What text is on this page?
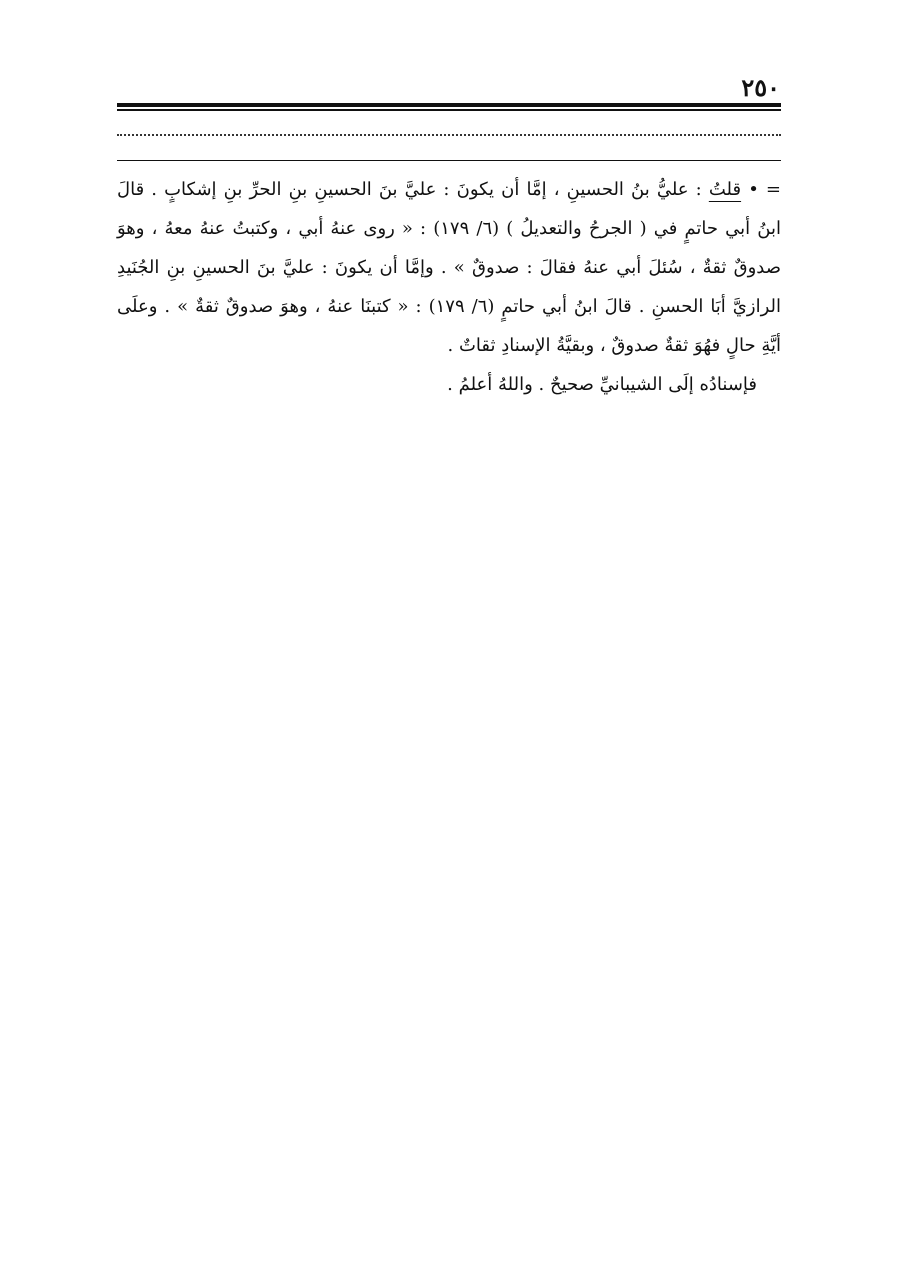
٢٥٠

= • قلتُ : عليُّ بنُ الحسينِ ، إمَّا أن يكونَ : عليَّ بنَ الحسينِ بنِ الحرِّ بنِ إشكابٍ . قالَ ابنُ أبي حاتمٍ في ( الجرحُ والتعديلُ ) (٦/ ١٧٩) : « روى عنهُ أبي ، وكتبتُ عنهُ معهُ ، وهوَ صدوقٌ ثقةٌ ، سُئلَ أبي عنهُ فقالَ : صدوقٌ » . وإمَّا أن يكونَ : عليَّ بنَ الحسينِ بنِ الجُنَيدِ الرازيَّ أبَا الحسنِ . قالَ ابنُ أبي حاتمٍ (٦/ ١٧٩) : « كتبنَا عنهُ ، وهوَ صدوقٌ ثقةٌ » . وعلَى أيَّةِ حالٍ فهُوَ ثقةٌ صدوقٌ ، وبقيَّةُ الإسنادِ ثقاتٌ .

فإسنادُه إلَى الشيبانيِّ صحيحٌ . واللهُ أعلمُ .
